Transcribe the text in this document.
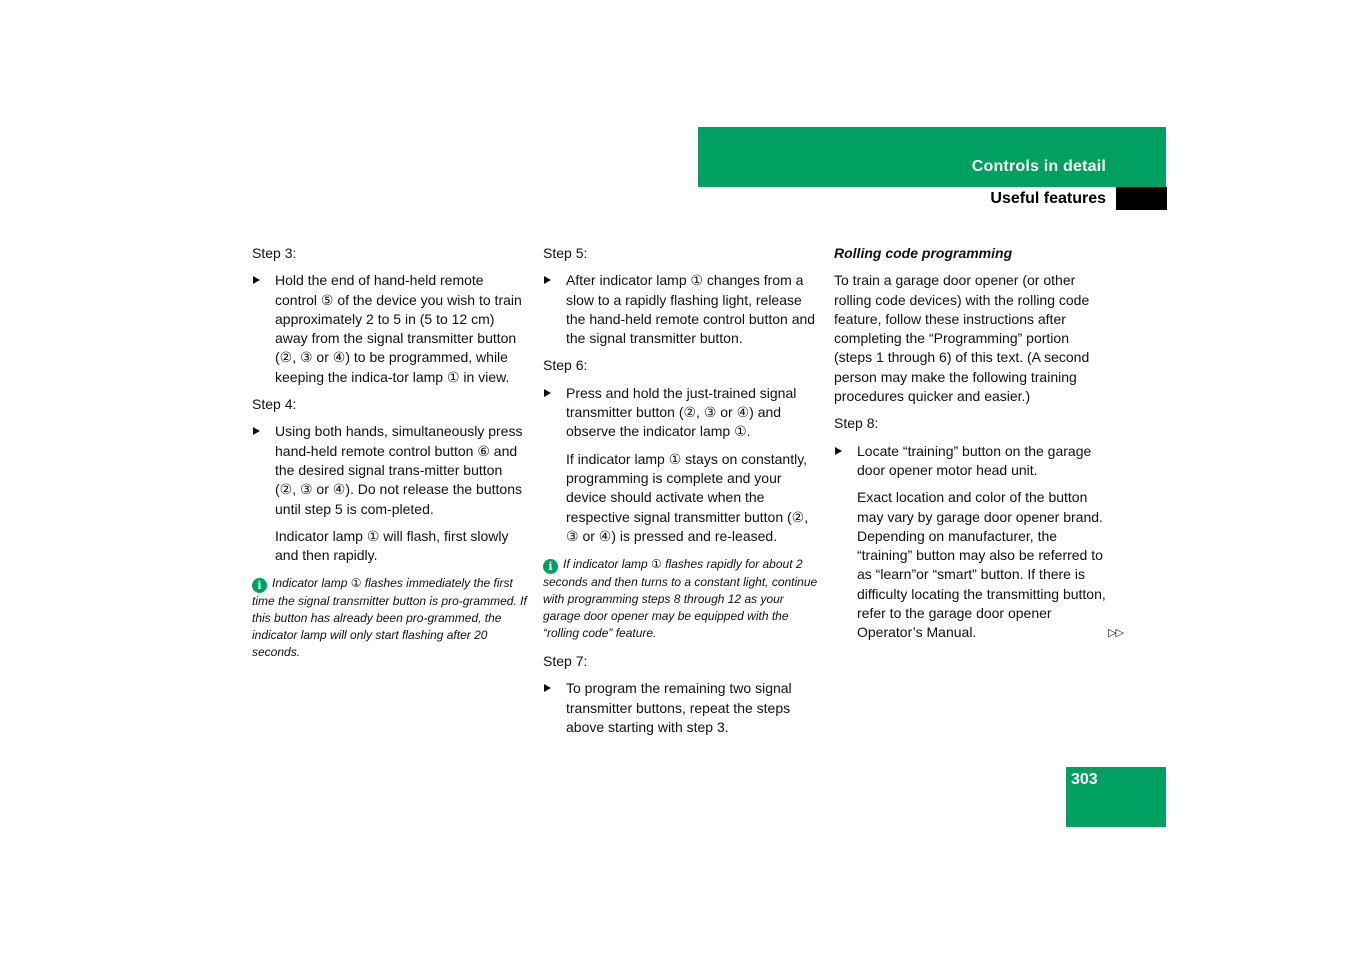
Controls in detail
Useful features

Step 3:

Hold the end of hand-held remote control ⑤ of the device you wish to train approximately 2 to 5 in (5 to 12 cm) away from the signal transmitter button (②, ③ or ④) to be programmed, while keeping the indica-tor lamp ① in view.

Step 4:

Using both hands, simultaneously press hand-held remote control button ⑥ and the desired signal trans-mitter button (②, ③ or ④). Do not release the buttons until step 5 is com-pleted.

Indicator lamp ① will flash, first slowly and then rapidly.

i Indicator lamp ① flashes immediately the first time the signal transmitter button is pro-grammed. If this button has already been pro-grammed, the indicator lamp will only start flashing after 20 seconds.

Step 5:

After indicator lamp ① changes from a slow to a rapidly flashing light, release the hand-held remote control button and the signal transmitter button.

Step 6:

Press and hold the just-trained signal transmitter button (②, ③ or ④) and observe the indicator lamp ①.

If indicator lamp ① stays on constantly, programming is complete and your device should activate when the respective signal transmitter button (②, ③ or ④) is pressed and re-leased.

i If indicator lamp ① flashes rapidly for about 2 seconds and then turns to a constant light, continue with programming steps 8 through 12 as your garage door opener may be equipped with the “rolling code” feature.

Step 7:

To program the remaining two signal transmitter buttons, repeat the steps above starting with step 3.

Rolling code programming

To train a garage door opener (or other rolling code devices) with the rolling code feature, follow these instructions after completing the “Programming” portion (steps 1 through 6) of this text. (A second person may make the following training procedures quicker and easier.)

Step 8:

Locate “training” button on the garage door opener motor head unit.

Exact location and color of the button may vary by garage door opener brand. Depending on manufacturer, the “training” button may also be referred to as “learn”or “smart” button. If there is difficulty locating the transmitting button, refer to the garage door opener Operator’s Manual.	▷▷
303
